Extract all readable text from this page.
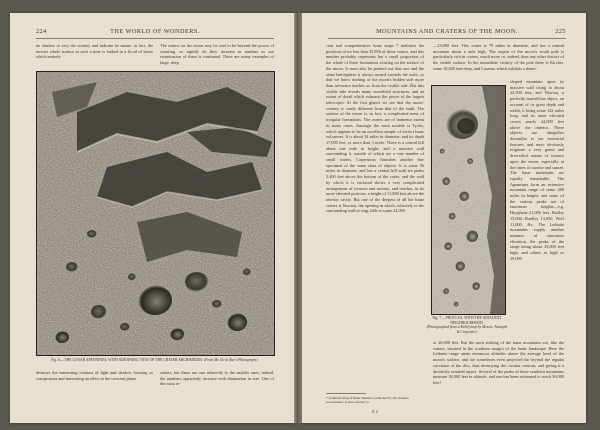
224	THE WORLD OF WONDERS.

no shadow to vary the scenery and indicate its nature, in fact, the moon's whole surface at such a time is bathed in a flood of lustre which entirely

The craters on the moon may be said to be beyond the power of counting, so rapidly do they increase in number as our examination of them is continued. There are many examples of large, deep

Fig. 6.—THE LUNAR APENNINES, WITH ADJOINING VIEW OF THE CRATER ARCHIMEDES. (From Mr. De la Rue's Photograph.)

destroys the interesting contrast of light and shadow forming so conspicuous and interesting an effect at the crescent phase.

craters, but these are rare relatively to the smaller ones; indeed, the numbers apparently increase with diminution in size. One of the most re-

MOUNTAINS AND CRATERS OF THE MOON.	225

cent and comprehensive lunar maps * indicates the positions of no less than 32,856 of these craters, and this number probably represents but a small proportion of the whole of these formations existing on the surface of the moon. It must also be pointed out that one and the same hemisphere is always turned towards the earth, so that we know nothing of the moon's hidden side more than inference teaches us from the visible side. But this visible side reveals many wonderful structures, and an extent of detail which exhausts the power of the largest telescopes. At the first glance we see that the moon-scenery is vastly different from that of the earth. The surface of the moon is, in fact, a complicated mass of irregular formations. The craters are of immense extent in many cases. Amongst the most notable is Tycho, which appears to be an excellent sample of extinct lunar volcanoes. It is about 54 miles in diameter, and its depth 17,000 feet, or more than 3 miles. There is a central hill about one mile in height, and a massive wall surrounding it, outside of which are a vast number of small craters. Copernicus furnishes another fine specimen of the same class of objects. It is some 56 miles in diameter, and has a central hill with six peaks 2,400 feet above the bottom of the crater, and the wall by which it is enclosed shows a very complicated arrangement of terraces and ravines, and reaches, in its more elevated portions, a height of 11,000 feet above the interior cavity. But one of the deepest of all the lunar craters is Newton, the opening in which, relatively to the surrounding wall or ring, falls to some 24,000

—23,000 feet. This crater is 79 miles in diameter, and has a central mountain about a mile high. The region of the moon's south pole is particularly rich in craters, much more so, indeed, than any other district of the visible surface. In the immediate vicinity of the pole there is Kircher, some 18,000 feet deep, and Casatus, which exhibits a dome-

Fig. 7.—PROCLUS, WITH THE ADJACENT NEIGHBOURHOOD.
(Photographed from a Relief-map by Messrs. Nasmyth & Carpenter.)

shaped mountain upon its massive wall rising to about 22,300 feet; and Newton, a perfectly marvellous object, on account of its great depth and width, it being some 142 miles long, and its inner elevated crown nearly 24,000 feet above the interior. These objects are altogether dissimilar to our terrestrial features, and more obviously originate a very grand and diversified nature of scenery upon the moon, especially at the times of sunrise and sunset. The lunar mountains are equally remarkable. The Apennines form an extensive mountain range of some 460 miles in length; and some of the various peaks are of enormous heights—e.g. Huygheus 21,000 feet, Hadley 15,000, Bradley 13,000, Wolf 11,000, &c. The Leibnitz mountains supply another instance of enormous elevation, the peaks of the range being about 35,000 feet high, and others as high as 29,000

or 26,000 feet. But the most striking of the lunar mountains are, like the craters, situated in the southern margin of the lunar landscape. Here the Leibnitz range attain enormous altitudes above the average level of the moon's surface, and are sometimes even projected far beyond the regular curvature of the disc, thus destroying the circular contour, and giving it a decidedly serrated aspect. Several of the peaks of these southern mountains measure 30,000 feet in altitude, and one has been estimated to reach 36,000 feet!

* Schmidt's map of Eklat diameter, published by the German Government, is here referred to.
E 2
